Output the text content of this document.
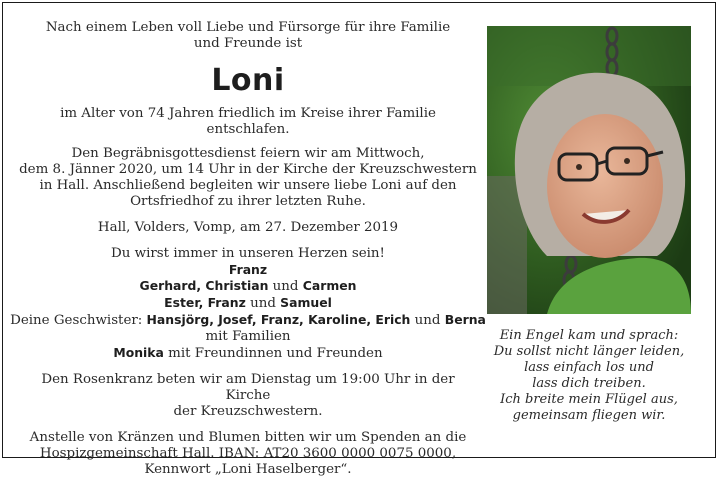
Nach einem Leben voll Liebe und Fürsorge für ihre Familie
und Freunde ist
Loni
im Alter von 74 Jahren friedlich im Kreise ihrer Familie entschlafen.
Den Begräbnisgottesdienst feiern wir am Mittwoch,
dem 8. Jänner 2020, um 14 Uhr in der Kirche der Kreuzschwestern
in Hall. Anschließend begleiten wir unsere liebe Loni auf den
Ortsfriedhof zu ihrer letzten Ruhe.
Hall, Volders, Vomp, am 27. Dezember 2019
Du wirst immer in unseren Herzen sein!
Franz
Gerhard, Christian und Carmen
Ester, Franz und Samuel
Deine Geschwister: Hansjörg, Josef, Franz, Karoline, Erich und Berna
mit Familien
Monika mit Freundinnen und Freunden
Den Rosenkranz beten wir am Dienstag um 19:00 Uhr in der Kirche
der Kreuzschwestern.
Anstelle von Kränzen und Blumen bitten wir um Spenden an die
Hospizgemeinschaft Hall. IBAN: AT20 3600 0000 0075 0000,
Kennwort „Loni Haselberger“.
Ein Engel kam und sprach:
Du sollst nicht länger leiden,
lass einfach los und
lass dich treiben.
Ich breite mein Flügel aus,
gemeinsam fliegen wir.
